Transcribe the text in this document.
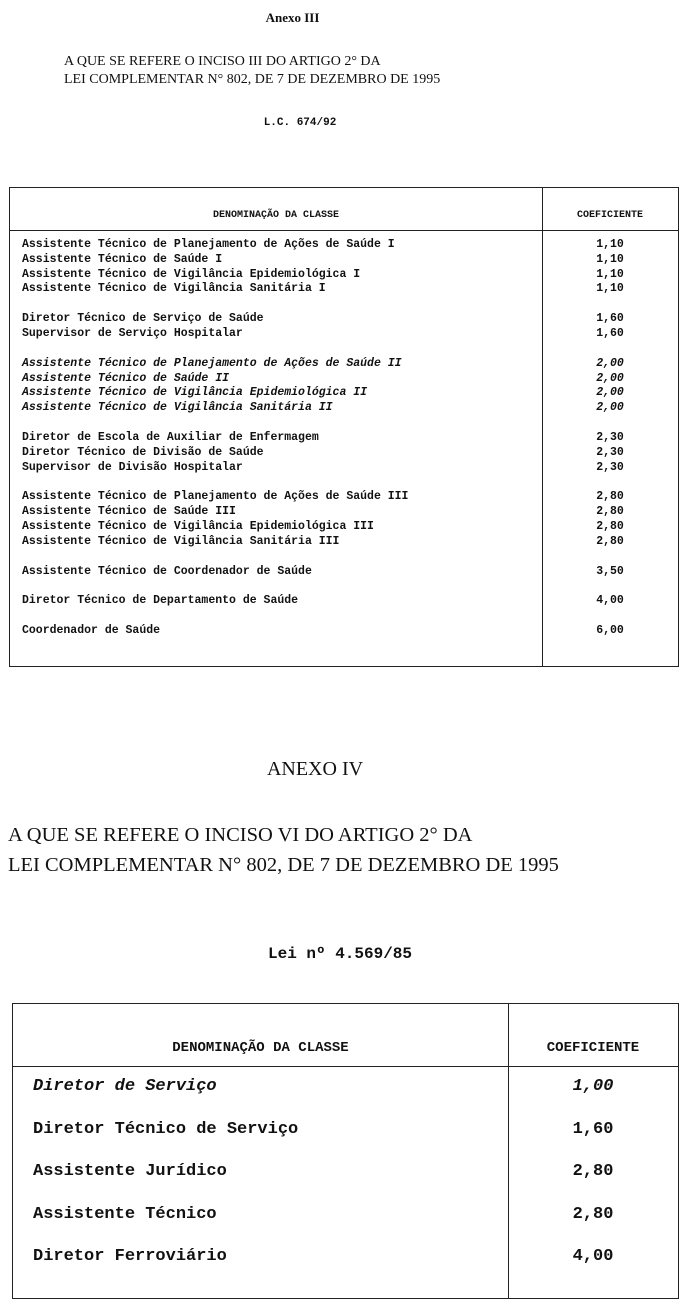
Anexo III
A QUE SE REFERE O INCISO III DO ARTIGO 2° DA
LEI COMPLEMENTAR N° 802, DE 7 DE DEZEMBRO DE 1995
L.C. 674/92
DENOMINAÇÃO DA CLASSE	COEFICIENTE
Assistente Técnico de Planejamento de Ações de Saúde I	1,10
Assistente Técnico de Saúde I	1,10
Assistente Técnico de Vigilância Epidemiológica I	1,10
Assistente Técnico de Vigilância Sanitária I	1,10
Diretor Técnico de Serviço de Saúde	1,60
Supervisor de Serviço Hospitalar	1,60
Assistente Técnico de Planejamento de Ações de Saúde II	2,00
Assistente Técnico de Saúde II	2,00
Assistente Técnico de Vigilância Epidemiológica II	2,00
Assistente Técnico de Vigilância Sanitária II	2,00
Diretor de Escola de Auxiliar de Enfermagem	2,30
Diretor Técnico de Divisão de Saúde	2,30
Supervisor de Divisão Hospitalar	2,30
Assistente Técnico de Planejamento de Ações de Saúde III	2,80
Assistente Técnico de Saúde III	2,80
Assistente Técnico de Vigilância Epidemiológica III	2,80
Assistente Técnico de Vigilância Sanitária III	2,80
Assistente Técnico de Coordenador de Saúde	3,50
Diretor Técnico de Departamento de Saúde	4,00
Coordenador de Saúde	6,00
ANEXO IV
A QUE SE REFERE O INCISO VI DO ARTIGO 2° DA
LEI COMPLEMENTAR N° 802, DE 7 DE DEZEMBRO DE 1995
Lei nº 4.569/85
DENOMINAÇÃO DA CLASSE	COEFICIENTE
Diretor de Serviço	1,00
Diretor Técnico de Serviço	1,60
Assistente Jurídico	2,80
Assistente Técnico	2,80
Diretor Ferroviário	4,00
